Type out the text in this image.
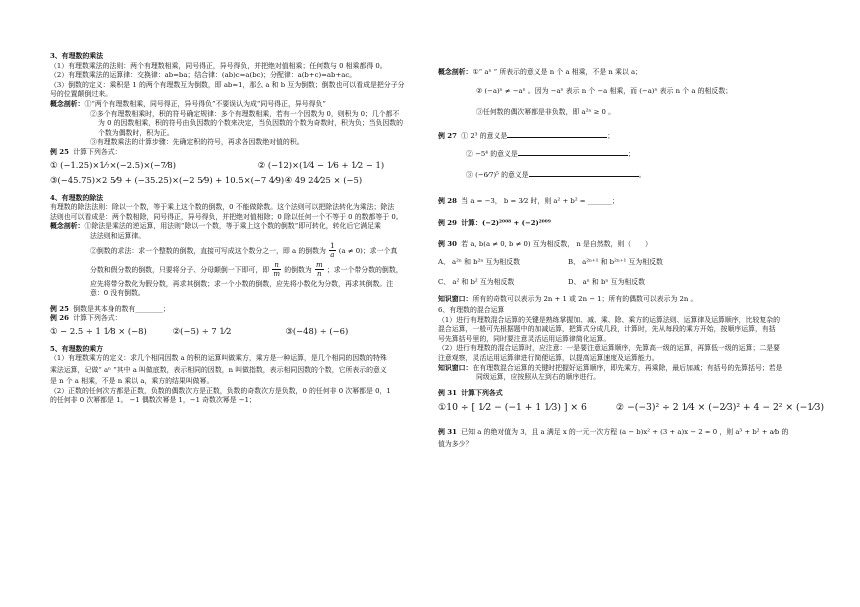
3、有理数的乘法
（1）有理数乘法的法则：两个有理数相乘，同号得正，异号得负，并把绝对值相乘；任何数与 0 相乘都得 0。
（2）有理数乘法的运算律：交换律：ab=ba；结合律：(ab)c=a(bc)；分配律：a(b+c)=ab+ac。
（3）倒数的定义：乘积是 1 的两个有理数互为倒数，即 ab=1，那么 a 和 b 互为倒数；倒数也可以看成是把分子分
号的位置颠倒过来。
概念剖析：①“两个有理数相乘，同号得正，异号得负”不要误认为成“同号得正，异号得负”
②多个有理数相乘时，积的符号确定规律：多个有理数相乘，若有一个因数为 0，则积为 0；几个都不
为 0 的因数相乘，积的符号由负因数的个数来决定，当负因数的个数为奇数时，积为负；当负因数的
个数为偶数时，积为正。
③有理数乘法的计算步骤：先确定积的符号，再求各因数绝对值的积。
例 25 计算下列各式：
① (−1.25)×1⁄₇×(−2.5)×(−7⁄8)	② (−12)×(1⁄4 − 1⁄6 + 1⁄2 − 1)
③(−45.75)×2 5⁄9 + (−35.25)×(−2 5⁄9) + 10.5×(−7 4⁄9) ④ 49 24⁄25 × (−5)
4、有理数的除法
有理数的除法法则：除以一个数，等于乘上这个数的倒数，0 不能做除数。这个法则可以把除法转化为乘法；除法
法则也可以看成是：两个数相除，同号得正，异号得负，并把绝对值相除；0 除以任何一个不等于 0 的数都等于 0。
概念剖析：①除法是乘法的逆运算，用法则“除以一个数，等于乘上这个数的倒数”即可转化，转化后它满足乘
法法则和运算律。
②倒数的求法：求一个整数的倒数，直接可写成这个数分之一，即 a 的倒数为 $\frac{1}{a} (a \ne 0)$；求一个真
分数和假分数的倒数，只要将分子、分母颠倒一下即可，即 $\frac{n}{m}$ 的倒数为 $\frac{m}{n}$ ；求一个带分数的倒数，
应先将带分数化为假分数，再求其倒数；求一个小数的倒数，应先将小数化为分数，再求其倒数。注
意：0 没有倒数。
例 25 倒数是其本身的数有________；
例 26 计算下列各式：
① − 2.5 ÷ 1 1⁄8 × (−8)	②(−5) ÷ 7 1⁄2	③(−48) ÷ (−6)
5、有理数的乘方
（1）有理数乘方的定义：求几个相同因数 a 的积的运算叫做乘方，乘方是一种运算，是几个相同的因数的特殊
乘法运算，记做“ aⁿ ”其中 a 叫做底数，表示相同的因数，n 叫做指数，表示相同因数的个数，它所表示的意义
是 n 个 a 相乘，不是 n 乘以 a，乘方的结果叫做幂。
（2）正数的任何次方都是正数，负数的偶数次方是正数，负数的奇数次方是负数，0 的任何非 0 次幂都是 0，1
的任何非 0 次幂都是 1。 −1 偶数次幂是 1，−1 奇数次幂是 −1；
概念剖析：①“ aⁿ ” 所表示的意义是 n 个 a 相乘，不是 n 乘以 a；
② (−a)ⁿ ≠ −aⁿ 。因为 −aⁿ 表示 n 个 −a 相乘，而 (−a)ⁿ 表示 n 个 a 的相反数；
③任何数的偶次幂都是非负数，即 a²ⁿ ≥ 0 。
例 27 ① 2³ 的意义是	；
② −5⁴ 的意义是	；
③ (−6⁄7)⁵ 的意义是	。
例 28 当 a = −3， b = 3⁄2 时，则 a² + b² = _______；
例 29 计算：(−2)²⁰⁰⁸ + (−2)²⁰⁰⁹
例 30 若 a, b(a ≠ 0, b ≠ 0) 互为相反数， n 是自然数，则（　　）
A、 a²ⁿ 和 b²ⁿ 互为相反数	B、 a²ⁿ⁺¹ 和 b²ⁿ⁺¹ 互为相反数
C、 a² 和 b² 互为相反数	D、 aⁿ 和 bⁿ 互为相反数
知识窗口：所有的奇数可以表示为 2n + 1 或 2n − 1；所有的偶数可以表示为 2n 。
6、有理数的混合运算
（1）进行有理数混合运算的关键是熟练掌握加、减、乘、除、乘方的运算法则、运算律及运算顺序，比较复杂的
混合运算，一般可先根据题中的加减运算，把算式分成几段，计算时，先从每段的乘方开始，按顺序运算，有括
号先算括号里的，同时要注意灵活运用运算律简化运算。
（2）进行有理数的混合运算时，应注意：一是要注意运算顺序，先算高一级的运算，再算低一级的运算；二是要
注意观察，灵活运用运算律进行简便运算，以提高运算速度及运算能力。
知识窗口：在有理数混合运算的关键时把握好运算顺序，即先乘方，再乘除，最后加减；有括号的先算括号；若是
同级运算，应按照从左到右的顺序进行。
例 31 计算下列各式
①10 ÷ [ 1⁄2 − (−1 + 1 1⁄3) ] × 6	② −(−3)² ÷ 2 1⁄4 × (−2⁄3)² + 4 − 2² × (−1⁄3)
例 31 已知 a 的绝对值为 3，且 a 满足 x 的一元一次方程 (a − b)x² + (3 + a)x − 2 = 0 ，则 a³ + b² + a⁄b 的
值为多少？
